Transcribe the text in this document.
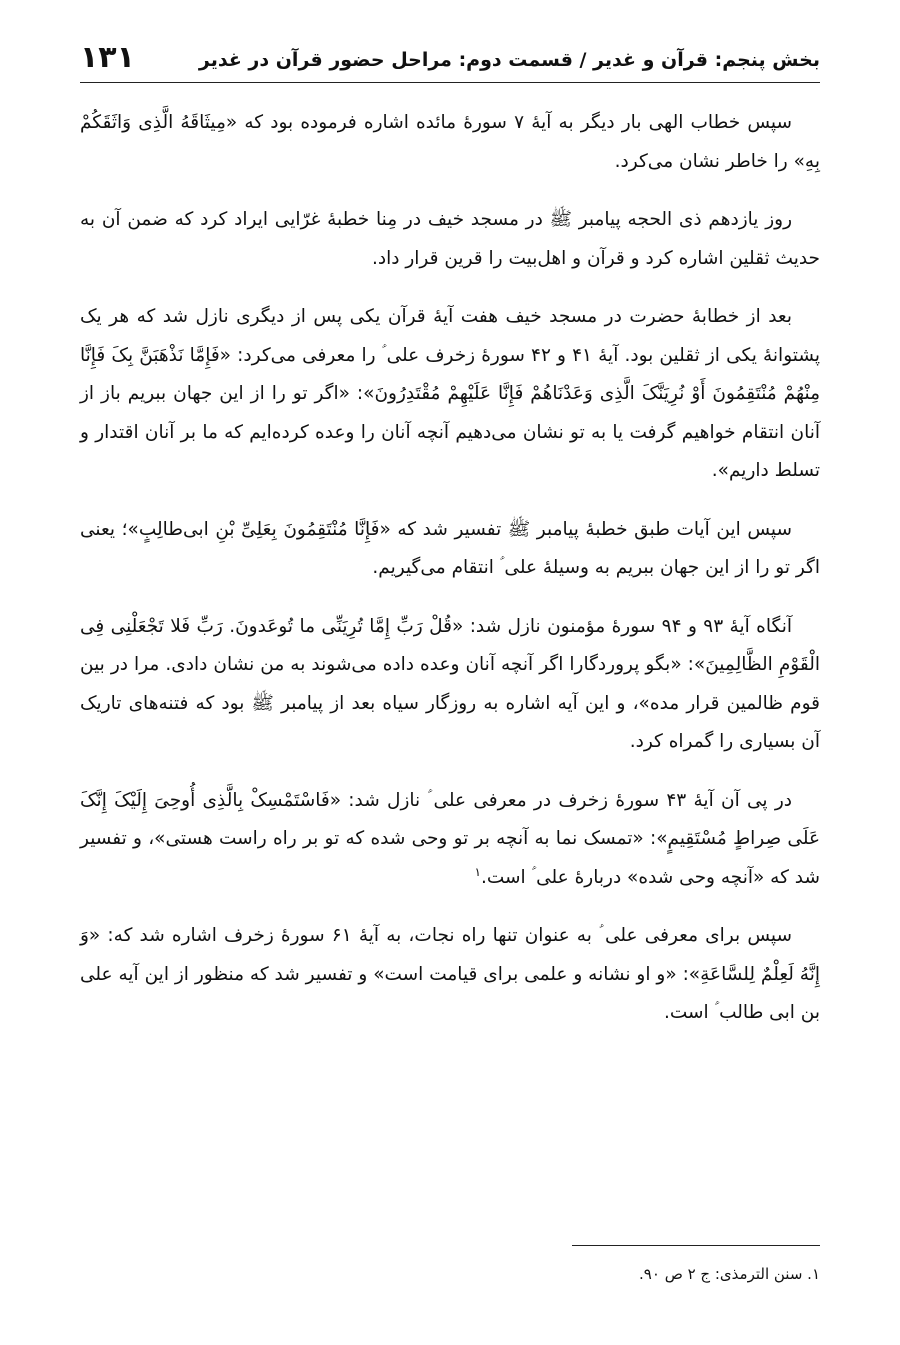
بخش پنجم: قرآن و غدیر / قسمت دوم: مراحل حضور قرآن در غدیر
۱۳۱

سپس خطاب الهی بار دیگر به آیهٔ ۷ سورهٔ مائده اشاره فرموده بود که «مِیثَاقَهُ الَّذِی وَاثَقَکُمْ بِهِ» را خاطر نشان می‌کرد.

روز یازدهم ذی الحجه پیامبر ﷺ در مسجد خیف در مِنا خطبهٔ غرّایی ایراد کرد که ضمن آن به حدیث ثقلین اشاره کرد و قرآن و اهل‌بیت را قرین قرار داد.

بعد از خطابهٔ حضرت در مسجد خیف هفت آیهٔ قرآن یکی پس از دیگری نازل شد که هر یک پشتوانهٔ یکی از ثقلین بود. آیهٔ ۴۱ و ۴۲ سورهٔ زخرف علی ؑ را معرفی می‌کرد: «فَإِمَّا نَذْهَبَنَّ بِکَ فَإِنَّا مِنْهُمْ مُنْتَقِمُونَ أَوْ نُرِیَنَّکَ الَّذِی وَعَدْنَاهُمْ فَإِنَّا عَلَیْهِمْ مُقْتَدِرُونَ»: «اگر تو را از این جهان ببریم باز از آنان انتقام خواهیم گرفت یا به تو نشان می‌دهیم آنچه آنان را وعده کرده‌ایم که ما بر آنان اقتدار و تسلط داریم».

سپس این آیات طبق خطبهٔ پیامبر ﷺ تفسیر شد که «فَإِنَّا مُنْتَقِمُونَ بِعَلِیِّ بْنِ ابی‌طالِبٍ»؛ یعنی اگر تو را از این جهان ببریم به وسیلهٔ علی ؑ انتقام می‌گیریم.

آنگاه آیهٔ ۹۳ و ۹۴ سورهٔ مؤمنون نازل شد: «قُلْ رَبِّ إِمَّا تُرِیَنِّی ما تُوعَدونَ. رَبِّ فَلا تَجْعَلْنِی فِی الْقَوْمِ الظَّالِمِینَ»: «بگو پروردگارا اگر آنچه آنان وعده داده می‌شوند به من نشان دادی. مرا در بین قوم ظالمین قرار مده»، و این آیه اشاره به روزگار سیاه بعد از پیامبر ﷺ بود که فتنه‌های تاریک آن بسیاری را گمراه کرد.

در پی آن آیهٔ ۴۳ سورهٔ زخرف در معرفی علی ؑ نازل شد: «فَاسْتَمْسِکْ بِالَّذِی أُوحِیَ إِلَیْکَ إِنَّکَ عَلَى صِراطٍ مُسْتَقِیمٍ»: «تمسک نما به آنچه بر تو وحی شده که تو بر راه راست هستی»، و تفسیر شد که «آنچه وحی شده» دربارهٔ علی ؑ است.$^۱$

سپس برای معرفی علی ؑ به عنوان تنها راه نجات، به آیهٔ ۶۱ سورهٔ زخرف اشاره شد که: «وَ إِنَّهُ لَعِلْمٌ لِلسَّاعَةِ»: «و او نشانه و علمی برای قیامت است» و تفسیر شد که منظور از این آیه علی بن ابی طالب ؑ است.

۱. سنن الترمذی: ج ۲ ص ۹۰.
